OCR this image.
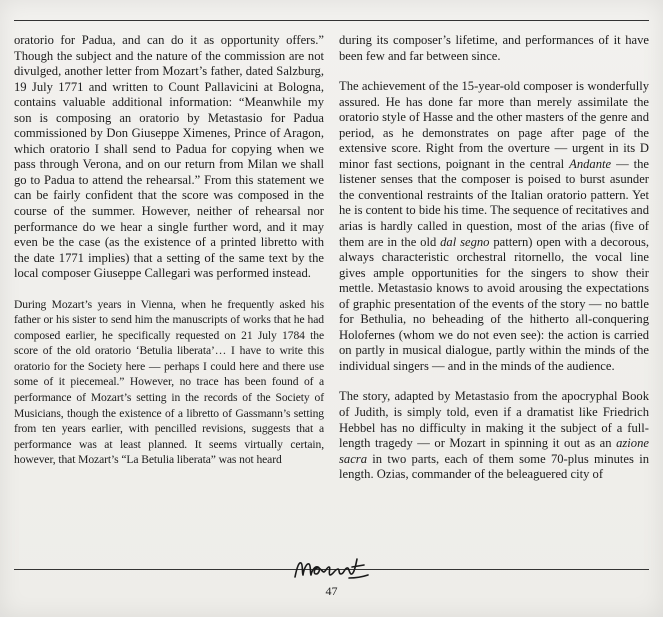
oratorio for Padua, and can do it as opportunity offers.” Though the subject and the nature of the commission are not divulged, another letter from Mozart’s father, dated Salzburg, 19 July 1771 and written to Count Pallavicini at Bologna, contains valuable additional information: “Meanwhile my son is composing an oratorio by Metastasio for Padua commissioned by Don Giuseppe Ximenes, Prince of Aragon, which oratorio I shall send to Padua for copying when we pass through Verona, and on our return from Milan we shall go to Padua to attend the rehearsal.” From this statement we can be fairly confident that the score was composed in the course of the summer. However, neither of rehearsal nor performance do we hear a single further word, and it may even be the case (as the existence of a printed libretto with the date 1771 implies) that a setting of the same text by the local composer Giuseppe Callegari was performed instead.

During Mozart’s years in Vienna, when he frequently asked his father or his sister to send him the manuscripts of works that he had composed earlier, he specifically requested on 21 July 1784 the score of the old oratorio ‘Betulia liberata’… I have to write this oratorio for the Society here — perhaps I could here and there use some of it piecemeal.” However, no trace has been found of a performance of Mozart’s setting in the records of the Society of Musicians, though the existence of a libretto of Gassmann’s setting from ten years earlier, with pencilled revisions, suggests that a performance was at least planned. It seems virtually certain, however, that Mozart’s “La Betulia liberata” was not heard

during its composer’s lifetime, and performances of it have been few and far between since.

The achievement of the 15-year-old composer is wonderfully assured. He has done far more than merely assimilate the oratorio style of Hasse and the other masters of the genre and period, as he demonstrates on page after page of the extensive score. Right from the overture — urgent in its D minor fast sections, poignant in the central Andante — the listener senses that the composer is poised to burst asunder the conventional restraints of the Italian oratorio pattern. Yet he is content to bide his time. The sequence of recitatives and arias is hardly called in question, most of the arias (five of them are in the old dal segno pattern) open with a decorous, always characteristic orchestral ritornello, the vocal line gives ample opportunities for the singers to show their mettle. Metastasio knows to avoid arousing the expectations of graphic presentation of the events of the story — no battle for Bethulia, no beheading of the hitherto all-conquering Holofernes (whom we do not even see): the action is carried on partly in musical dialogue, partly within the minds of the individual singers — and in the minds of the audience.

The story, adapted by Metastasio from the apocryphal Book of Judith, is simply told, even if a dramatist like Friedrich Hebbel has no difficulty in making it the subject of a full-length tragedy — or Mozart in spinning it out as an azione sacra in two parts, each of them some 70-plus minutes in length. Ozias, commander of the beleaguered city of

47
